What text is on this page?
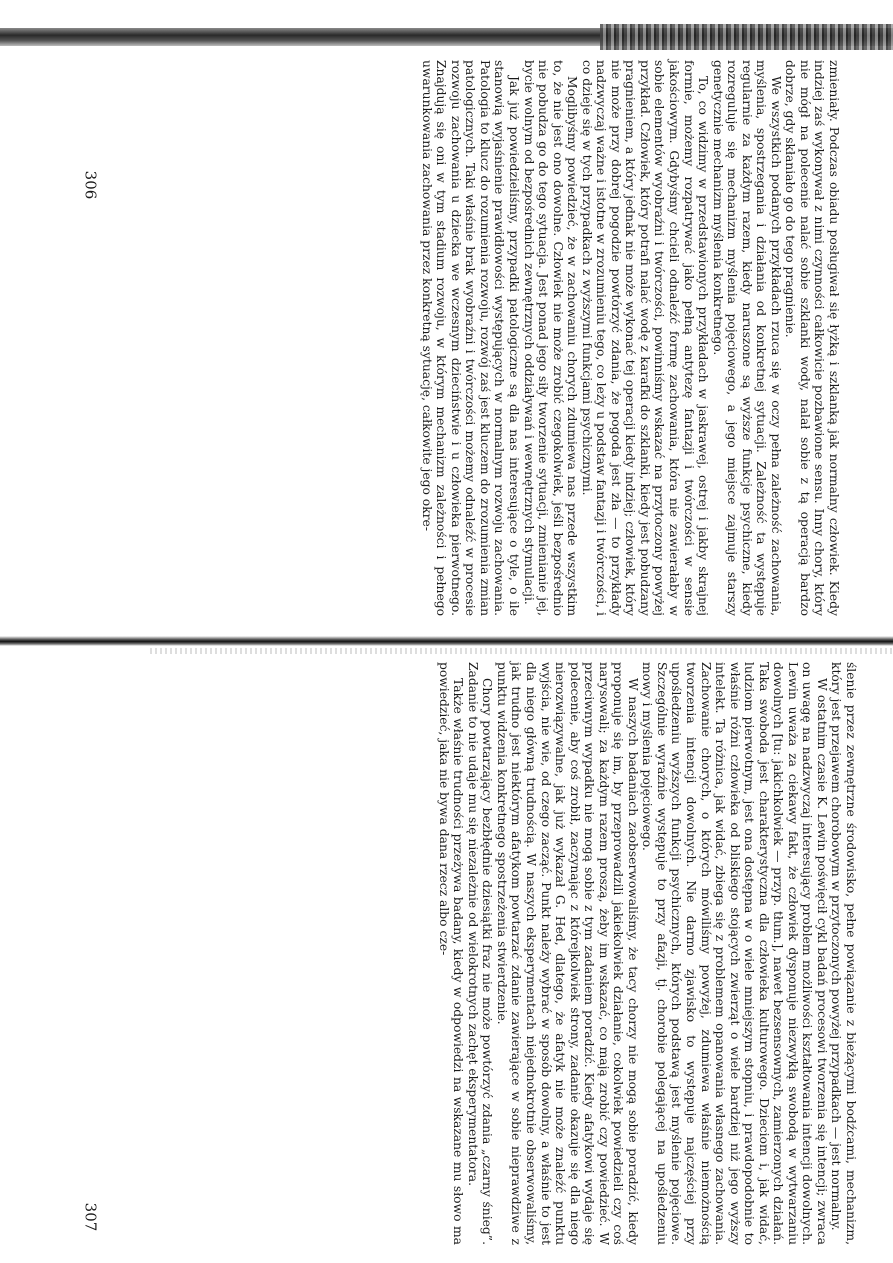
zmieniały. Podczas obiadu posługiwał się łyżką i szklanką jak normalny człowiek. Kiedy indziej zaś wykonywał z nimi czynności całkowicie pozbawione sensu. Inny chory, który nie mógł na polecenie nalać sobie szklanki wody, nalał sobie z tą operacją bardzo dobrze, gdy skłaniało go do tego pragnienie.

We wszystkich podanych przykładach rzuca się w oczy pełna zależność zachowania, myślenia, spostrzegania i działania od konkretnej sytuacji. Zależność ta występuje regularnie za każdym razem, kiedy naruszone są wyższe funkcje psychiczne, kiedy rozreguluje się mechanizm myślenia pojęciowego, a jego miejsce zajmuje starszy genetycznie mechanizm myślenia konkretnego.

To, co widzimy w przedstawionych przykładach w jaskrawej, ostrej i jakby skrajnej formie, możemy rozpatrywać jako pełną antytezę fantazji i twórczości w sensie jakościowym. Gdybyśmy chcieli odnaleźć formę zachowania, która nie zawierałaby w sobie elementów wyobraźni i twórczości, powinniśmy wskazać na przytoczony powyżej przykład. Człowiek, który potrafi nalać wodę z karafki do szklanki, kiedy jest pobudzany pragnieniem, a który jednak nie może wykonać tej operacji kiedy indziej; człowiek, który nie może przy dobrej pogodzie powtórzyć zdania, że pogoda jest zła — to przykłady nadzwyczaj ważne i istotne w zrozumieniu tego, co leży u podstaw fantazji i twórczości, i co dzieje się w tych przypadkach z wyższymi funkcjami psychicznymi.

Moglibyśmy powiedzieć, że w zachowaniu chorych zdumiewa nas przede wszystkim to, że nie jest ono dowolne. Człowiek nie może zrobić czegokolwiek, jeśli bezpośrednio nie pobudza go do tego sytuacja. Jest ponad jego siły tworzenie sytuacji, zmienianie jej, bycie wolnym od bezpośrednich zewnętrznych oddziaływań i wewnętrznych stymulacji.

Jak już powiedzieliśmy, przypadki patologiczne są dla nas interesujące o tyle, o ile stanowią wyjaśnienie prawidłowości występujących w normalnym rozwoju zachowania. Patologia to klucz do rozumienia rozwoju, rozwój zaś jest kluczem do zrozumienia zmian patologicznych. Taki właśnie brak wyobraźni i twórczości możemy odnaleźć w procesie rozwoju zachowania u dziecka we wczesnym dzieciństwie i u człowieka pierwotnego. Znajdują się oni w tym stadium rozwoju, w którym mechanizm zależności i pełnego uwarunkowania zachowania przez konkretną sytuację, całkowite jego okre-

306

ślenie przez zewnętrzne środowisko, pełne powiązanie z bieżącymi bodźcami, mechanizm, który jest przejawem chorobowym w przytoczonych powyżej przypadkach — jest normalny.

W ostatnim czasie K. Lewin poświęcił cykl badań procesowi tworzenia się intencji; zwraca on uwagę na nadzwyczaj interesujący problem możliwości kształtowania intencji dowolnych. Lewin uważa za ciekawy fakt, że człowiek dysponuje niezwykłą swobodą w wytwarzaniu dowolnych [tu: jakichkolwiek — przyp. tłum.], nawet bezsensownych, zamierzonych działań. Taka swoboda jest charakterystyczna dla człowieka kulturowego. Dzieciom i, jak widać, ludziom pierwotnym, jest ona dostępna w o wiele mniejszym stopniu, i prawdopodobnie to właśnie różni człowieka od bliskiego stojących zwierząt o wiele bardziej niż jego wyższy intelekt. Ta różnica, jak widać, zbiega się z problemem opanowania własnego zachowania. Zachowanie chorych, o których mówiliśmy powyżej, zdumiewa właśnie niemożnością tworzenia intencji dowolnych. Nie darmo zjawisko to występuje najczęściej przy upośledzeniu wyższych funkcji psychicznych, których podstawą jest myślenie pojęciowe. Szczególnie wyraźnie występuje to przy afazji, tj. chorobie polegającej na upośledzeniu mowy i myślenia pojęciowego.

W naszych badaniach zaobserwowaliśmy, że tacy chorzy nie mogą sobie poradzić, kiedy proponuje się im, by przeprowadzili jakiekolwiek działanie, cokolwiek powiedzieli czy coś narysowali; za każdym razem proszą, żeby im wskazać, co mają zrobić czy powiedzieć. W przeciwnym wypadku nie mogą sobie z tym zadaniem poradzić. Kiedy afatykowi wydaje się polecenie, aby coś zrobił, zaczynając z którejkolwiek strony, zadanie okazuje się dla niego nierozwiązywalne, jak już wykazał G. Hed, dlatego, że afatyk nie może znaleźć punktu wyjścia, nie wie, od czego zacząć. Punkt należy wybrać w sposób dowolny, a właśnie to jest dla niego główną trudnością. W naszych eksperymentach niejednokrotnie obserwowaliśmy, jak trudno jest niektórym afatykom powtarzać zdanie zawierające w sobie nieprawdziwe z punktu widzenia konkretnego spostrzeżenia stwierdzenie.

Chory powtarzający bezbłędnie dziesiątki fraz nie może powtórzyć zdania „czarny śnieg”. Zadanie to nie udaje mu się niezależnie od wielokrotnych zachęt eksperymentatora.

Także właśnie trudności przeżywa badany, kiedy w odpowiedzi na wskazane mu słowo ma powiedzieć, jaka nie bywa dana rzecz albo cze-

307
